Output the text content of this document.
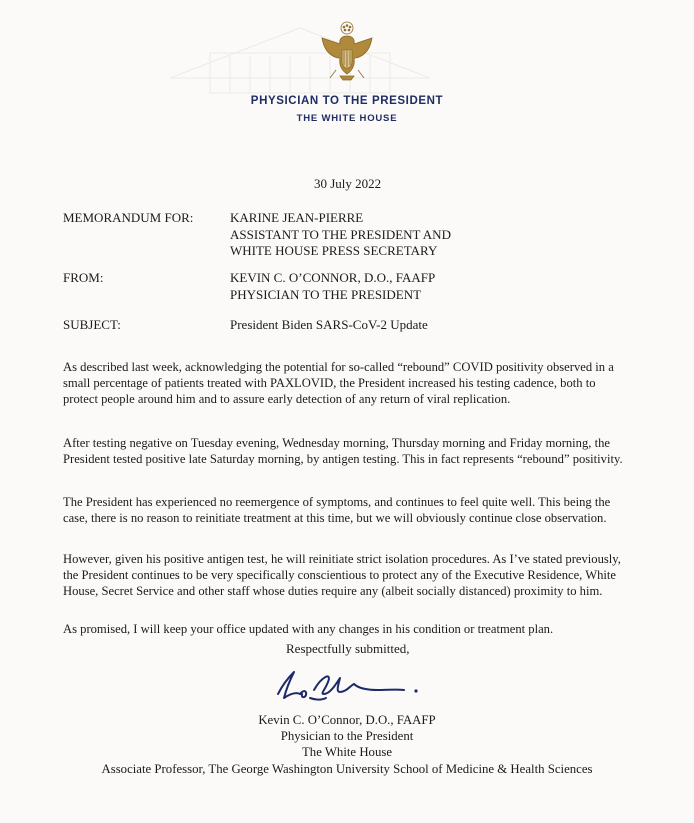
PHYSICIAN TO THE PRESIDENT
THE WHITE HOUSE
30 July 2022
MEMORANDUM FOR:	KARINE JEAN-PIERRE
ASSISTANT TO THE PRESIDENT AND
WHITE HOUSE PRESS SECRETARY
FROM:	KEVIN C. O’CONNOR, D.O., FAAFP
PHYSICIAN TO THE PRESIDENT
SUBJECT:	President Biden SARS-CoV-2 Update
As described last week, acknowledging the potential for so-called “rebound” COVID positivity observed in a small percentage of patients treated with PAXLOVID, the President increased his testing cadence, both to protect people around him and to assure early detection of any return of viral replication.
After testing negative on Tuesday evening, Wednesday morning, Thursday morning and Friday morning, the President tested positive late Saturday morning, by antigen testing. This in fact represents “rebound” positivity.
The President has experienced no reemergence of symptoms, and continues to feel quite well. This being the case, there is no reason to reinitiate treatment at this time, but we will obviously continue close observation.
However, given his positive antigen test, he will reinitiate strict isolation procedures. As I’ve stated previously, the President continues to be very specifically conscientious to protect any of the Executive Residence, White House, Secret Service and other staff whose duties require any (albeit socially distanced) proximity to him.
As promised, I will keep your office updated with any changes in his condition or treatment plan.
Respectfully submitted,
Kevin C. O’Connor, D.O., FAAFP
Physician to the President
The White House
Associate Professor, The George Washington University School of Medicine & Health Sciences
